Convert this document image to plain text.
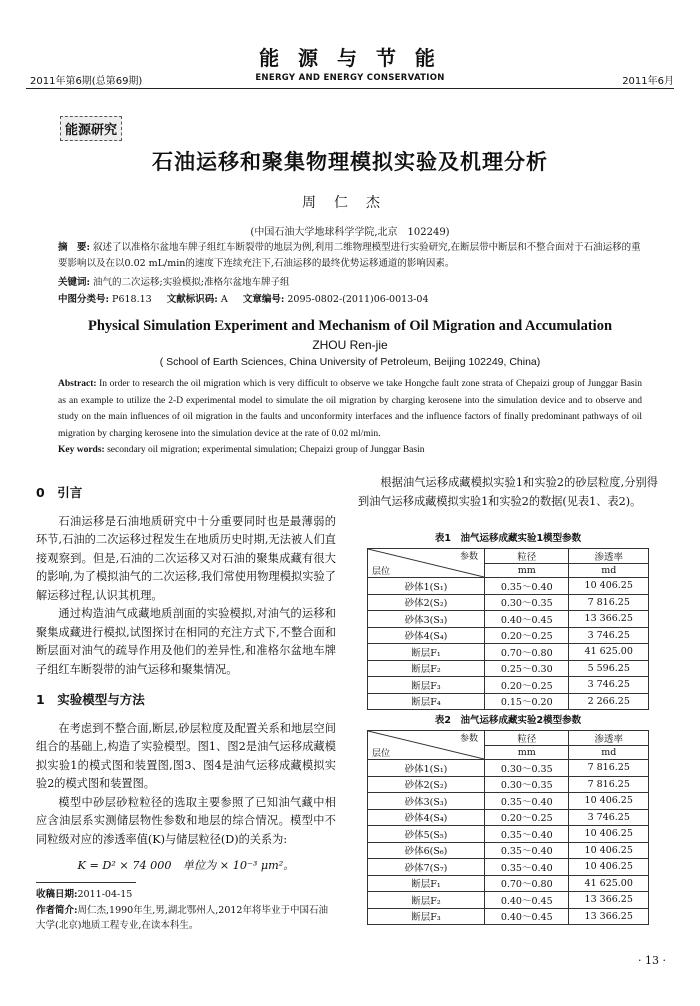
能 源 与 节 能
2011年第6期(总第69期)	ENERGY AND ENERGY CONSERVATION	2011年6月
能源研究
石油运移和聚集物理模拟实验及机理分析
周仁杰
(中国石油大学地球科学学院,北京　102249)
摘　要: 叙述了以准格尔盆地车牌子组红车断裂带的地层为例,利用二维物理模型进行实验研究,在断层带中断层和不整合面对于石油运移的重要影响以及在以0.02 mL/min的速度下连续充注下,石油运移的最终优势运移通道的影响因素。
关键词: 油气的二次运移;实验模拟;准格尔盆地车牌子组
中图分类号: P618.13 文献标识码: A 文章编号: 2095-0802-(2011)06-0013-04
Physical Simulation Experiment and Mechanism of Oil Migration and Accumulation
ZHOU Ren-jie
( School of Earth Sciences, China University of Petroleum, Beijing 102249, China)
Abstract: In order to research the oil migration which is very difficult to observe we take Hongche fault zone strata of Chepaizi group of Junggar Basin as an example to utilize the 2-D experimental model to simulate the oil migration by charging kerosene into the simulation device and to observe and study on the main influences of oil migration in the faults and unconformity interfaces and the influence factors of finally predominant pathways of oil migration by charging kerosene into the simulation device at the rate of 0.02 ml/min.
Key words: secondary oil migration; experimental simulation; Chepaizi group of Junggar Basin
0　引言

石油运移是石油地质研究中十分重要同时也是最薄弱的环节,石油的二次运移过程发生在地质历史时期,无法被人们直接观察到。但是,石油的二次运移又对石油的聚集成藏有很大的影响,为了模拟油气的二次运移,我们常使用物理模拟实验了解运移过程,认识其机理。

通过构造油气成藏地质剖面的实验模拟,对油气的运移和聚集成藏进行模拟,试图探讨在相同的充注方式下,不整合面和断层面对油气的疏导作用及他们的差异性,和准格尔盆地车牌子组红车断裂带的油气运移和聚集情况。

1　实验模型与方法

在考虑到不整合面,断层,砂层粒度及配置关系和地层空间组合的基础上,构造了实验模型。图1、图2是油气运移成藏模拟实验1的模式图和装置图,图3、图4是油气运移成藏模拟实验2的模式图和装置图。

模型中砂层砂粒粒径的选取主要参照了已知油气藏中相应含油层系实测储层物性参数和地层的综合情况。模型中不同粒级对应的渗透率值(K)与储层粒径(D)的关系为:

K = D² × 74 000　单位为 × 10⁻³ μm²。
收稿日期:2011-04-15
作者简介:周仁杰,1990年生,男,湖北鄂州人,2012年将毕业于中国石油大学(北京)地质工程专业,在读本科生。

根据油气运移成藏模拟实验1和实验2的砂层粒度,分别得到油气运移成藏模拟实验1和实验2的数据(见表1、表2)。

表1　油气运移成藏实验1模型参数
参数
层位	粒径	渗透率
	mm	md
砂体1(S₁)	0.35～0.40	10 406.25
砂体2(S₂)	0.30～0.35	7 816.25
砂体3(S₃)	0.40～0.45	13 366.25
砂体4(S₄)	0.20～0.25	3 746.25
断层F₁	0.70～0.80	41 625.00
断层F₂	0.25～0.30	5 596.25
断层F₃	0.20～0.25	3 746.25
断层F₄	0.15～0.20	2 266.25
表2　油气运移成藏实验2模型参数
参数
层位	粒径	渗透率
	mm	md
砂体1(S₁)	0.30～0.35	7 816.25
砂体2(S₂)	0.30～0.35	7 816.25
砂体3(S₃)	0.35～0.40	10 406.25
砂体4(S₄)	0.20～0.25	3 746.25
砂体5(S₅)	0.35～0.40	10 406.25
砂体6(S₆)	0.35～0.40	10 406.25
砂体7(S₇)	0.35～0.40	10 406.25
断层F₁	0.70～0.80	41 625.00
断层F₂	0.40～0.45	13 366.25
断层F₃	0.40～0.45	13 366.25
· 13 ·
